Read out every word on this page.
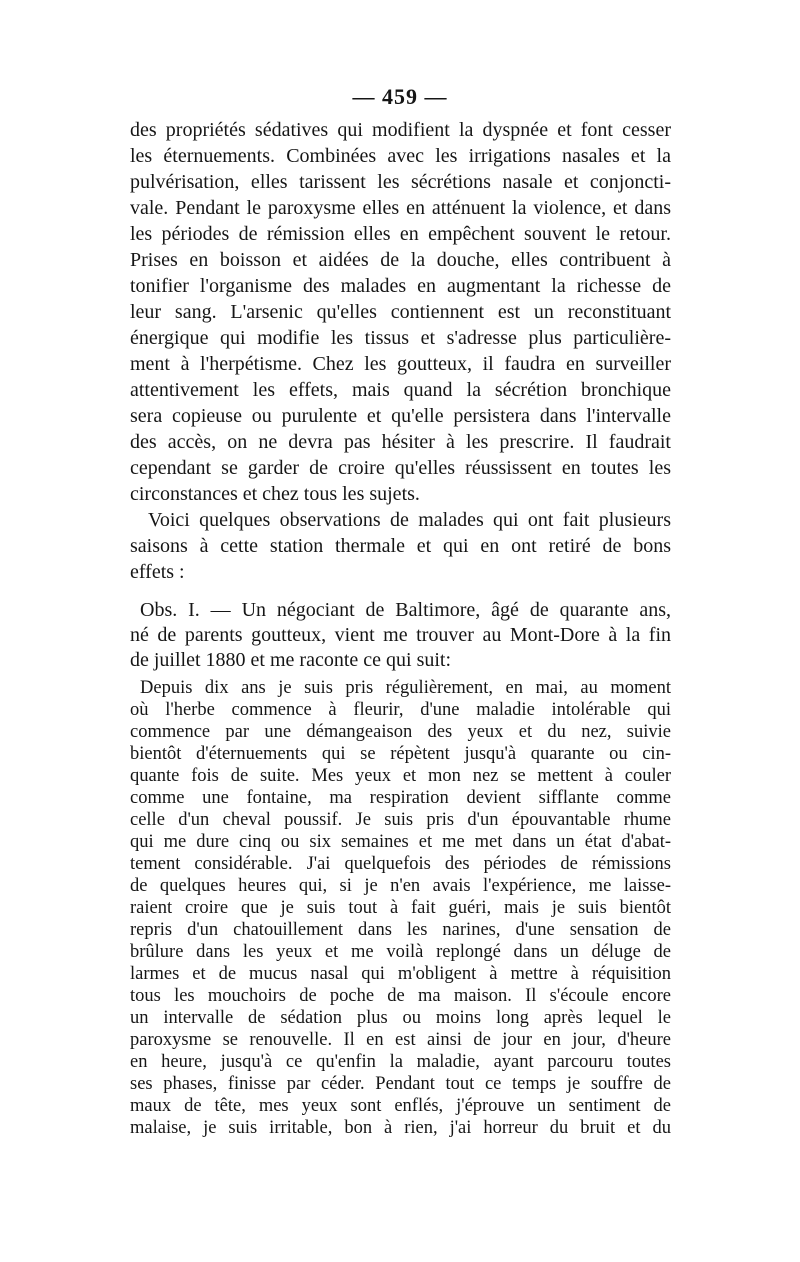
— 459 —
des propriétés sédatives qui modifient la dyspnée et font cesser
les éternuements. Combinées avec les irrigations nasales et la
pulvérisation, elles tarissent les sécrétions nasale et conjoncti-
vale. Pendant le paroxysme elles en atténuent la violence, et dans
les périodes de rémission elles en empêchent souvent le retour.
Prises en boisson et aidées de la douche, elles contribuent à
tonifier l'organisme des malades en augmentant la richesse de
leur sang. L'arsenic qu'elles contiennent est un reconstituant
énergique qui modifie les tissus et s'adresse plus particulière-
ment à l'herpétisme. Chez les goutteux, il faudra en surveiller
attentivement les effets, mais quand la sécrétion bronchique
sera copieuse ou purulente et qu'elle persistera dans l'intervalle
des accès, on ne devra pas hésiter à les prescrire. Il faudrait
cependant se garder de croire qu'elles réussissent en toutes les
circonstances et chez tous les sujets.
Voici quelques observations de malades qui ont fait plusieurs
saisons à cette station thermale et qui en ont retiré de bons
effets :
Obs. I. — Un négociant de Baltimore, âgé de quarante ans,
né de parents goutteux, vient me trouver au Mont-Dore à la fin
de juillet 1880 et me raconte ce qui suit:
Depuis dix ans je suis pris régulièrement, en mai, au moment
où l'herbe commence à fleurir, d'une maladie intolérable qui
commence par une démangeaison des yeux et du nez, suivie
bientôt d'éternuements qui se répètent jusqu'à quarante ou cin-
quante fois de suite. Mes yeux et mon nez se mettent à couler
comme une fontaine, ma respiration devient sifflante comme
celle d'un cheval poussif. Je suis pris d'un épouvantable rhume
qui me dure cinq ou six semaines et me met dans un état d'abat-
tement considérable. J'ai quelquefois des périodes de rémissions
de quelques heures qui, si je n'en avais l'expérience, me laisse-
raient croire que je suis tout à fait guéri, mais je suis bientôt
repris d'un chatouillement dans les narines, d'une sensation de
brûlure dans les yeux et me voilà replongé dans un déluge de
larmes et de mucus nasal qui m'obligent à mettre à réquisition
tous les mouchoirs de poche de ma maison. Il s'écoule encore
un intervalle de sédation plus ou moins long après lequel le
paroxysme se renouvelle. Il en est ainsi de jour en jour, d'heure
en heure, jusqu'à ce qu'enfin la maladie, ayant parcouru toutes
ses phases, finisse par céder. Pendant tout ce temps je souffre de
maux de tête, mes yeux sont enflés, j'éprouve un sentiment de
malaise, je suis irritable, bon à rien, j'ai horreur du bruit et du
